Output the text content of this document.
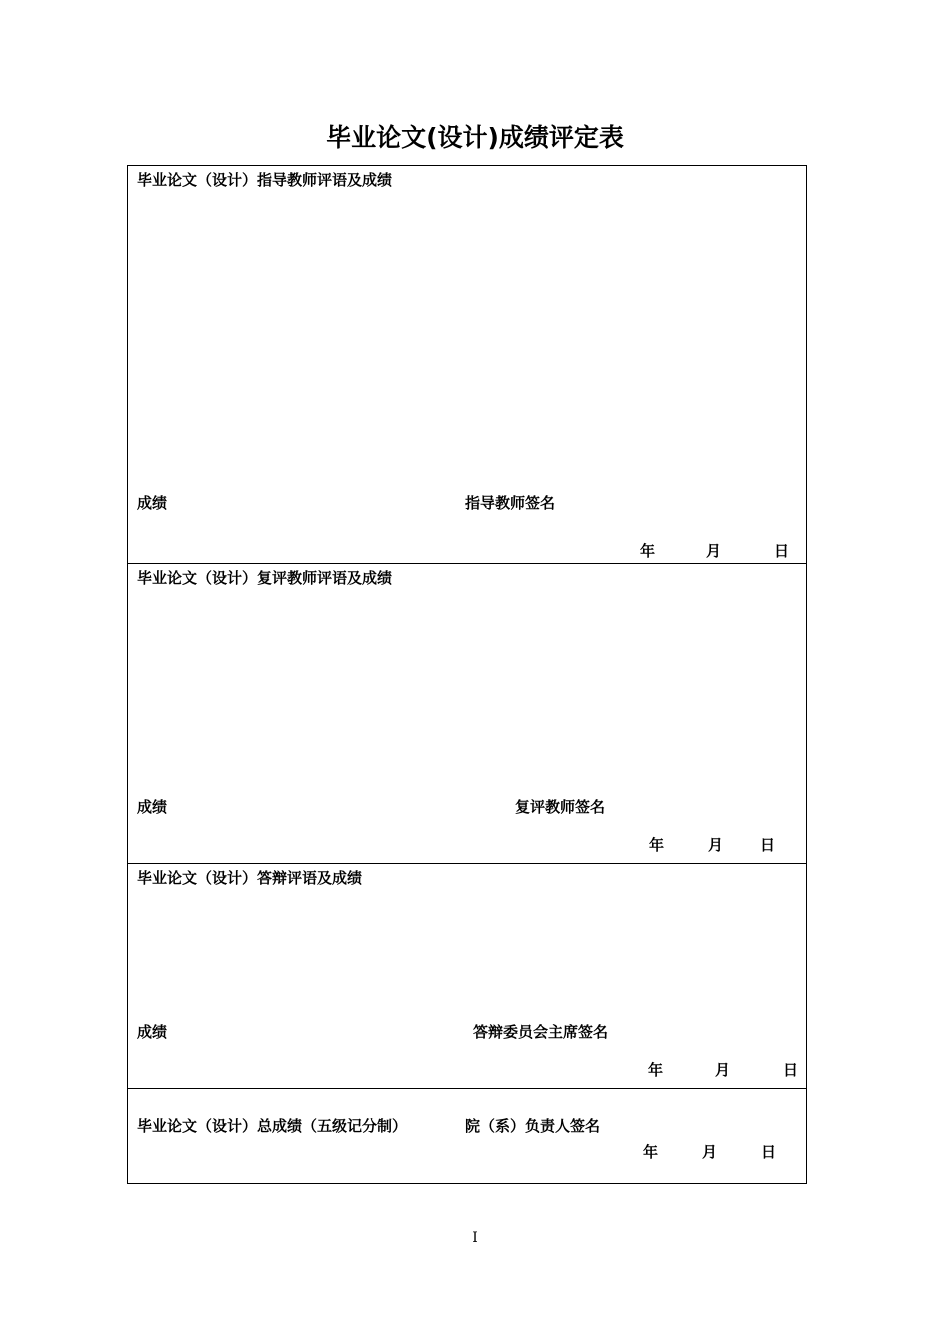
毕业论文(设计)成绩评定表
毕业论文（设计）指导教师评语及成绩
成绩	指导教师签名
年	月	日
毕业论文（设计）复评教师评语及成绩
成绩	复评教师签名
年	月 日
毕业论文（设计）答辩评语及成绩
成绩	答辩委员会主席签名
年	月	日
毕业论文（设计）总成绩（五级记分制）	院（系）负责人签名
年	月	日
I
